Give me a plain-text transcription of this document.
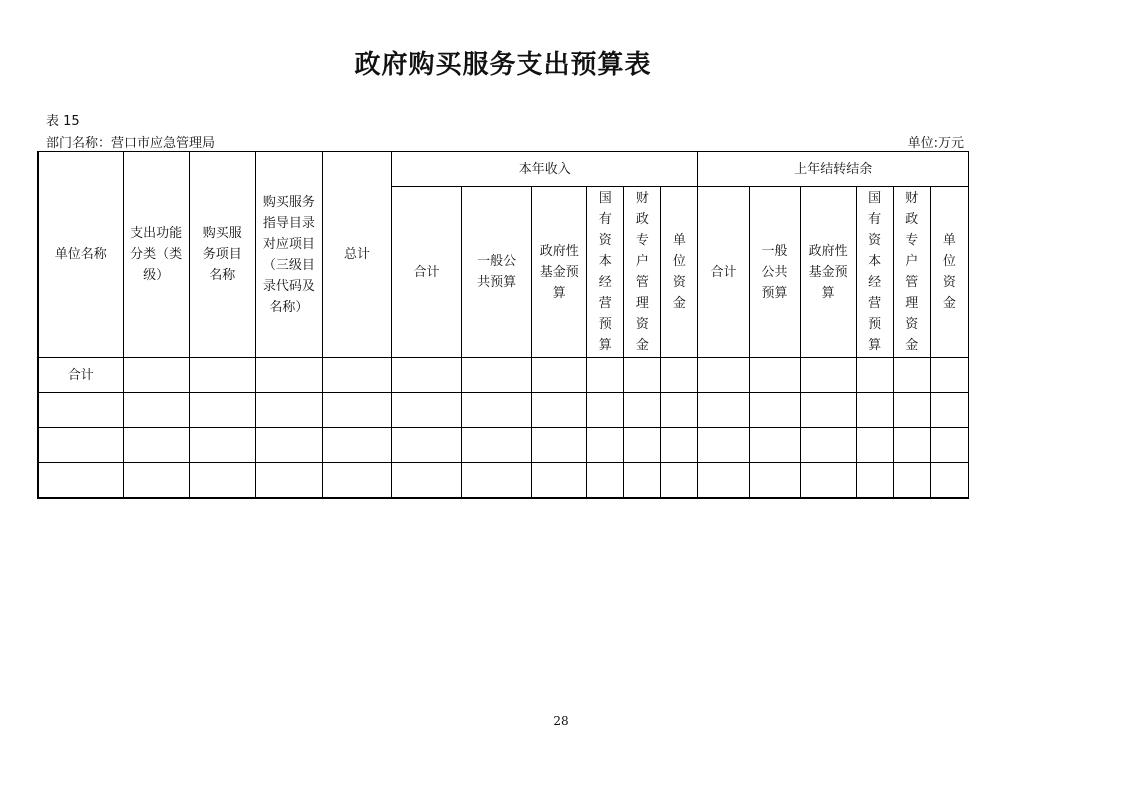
政府购买服务支出预算表
表 15
部门名称：营口市应急管理局	单位:万元
单位名称	支出功能分类（类级）	购买服务项目名称	购买服务指导目录对应项目（三级目录代码及名称）	总计	本年收入						上年结转结余					
					合计	一般公共预算	政府性基金预算	国有资本经营预算	财政专户管理资金	单位资金	合计	一般公共预算	政府性基金预算	国有资本经营预算	财政专户管理资金	单位资金
合计																

28
